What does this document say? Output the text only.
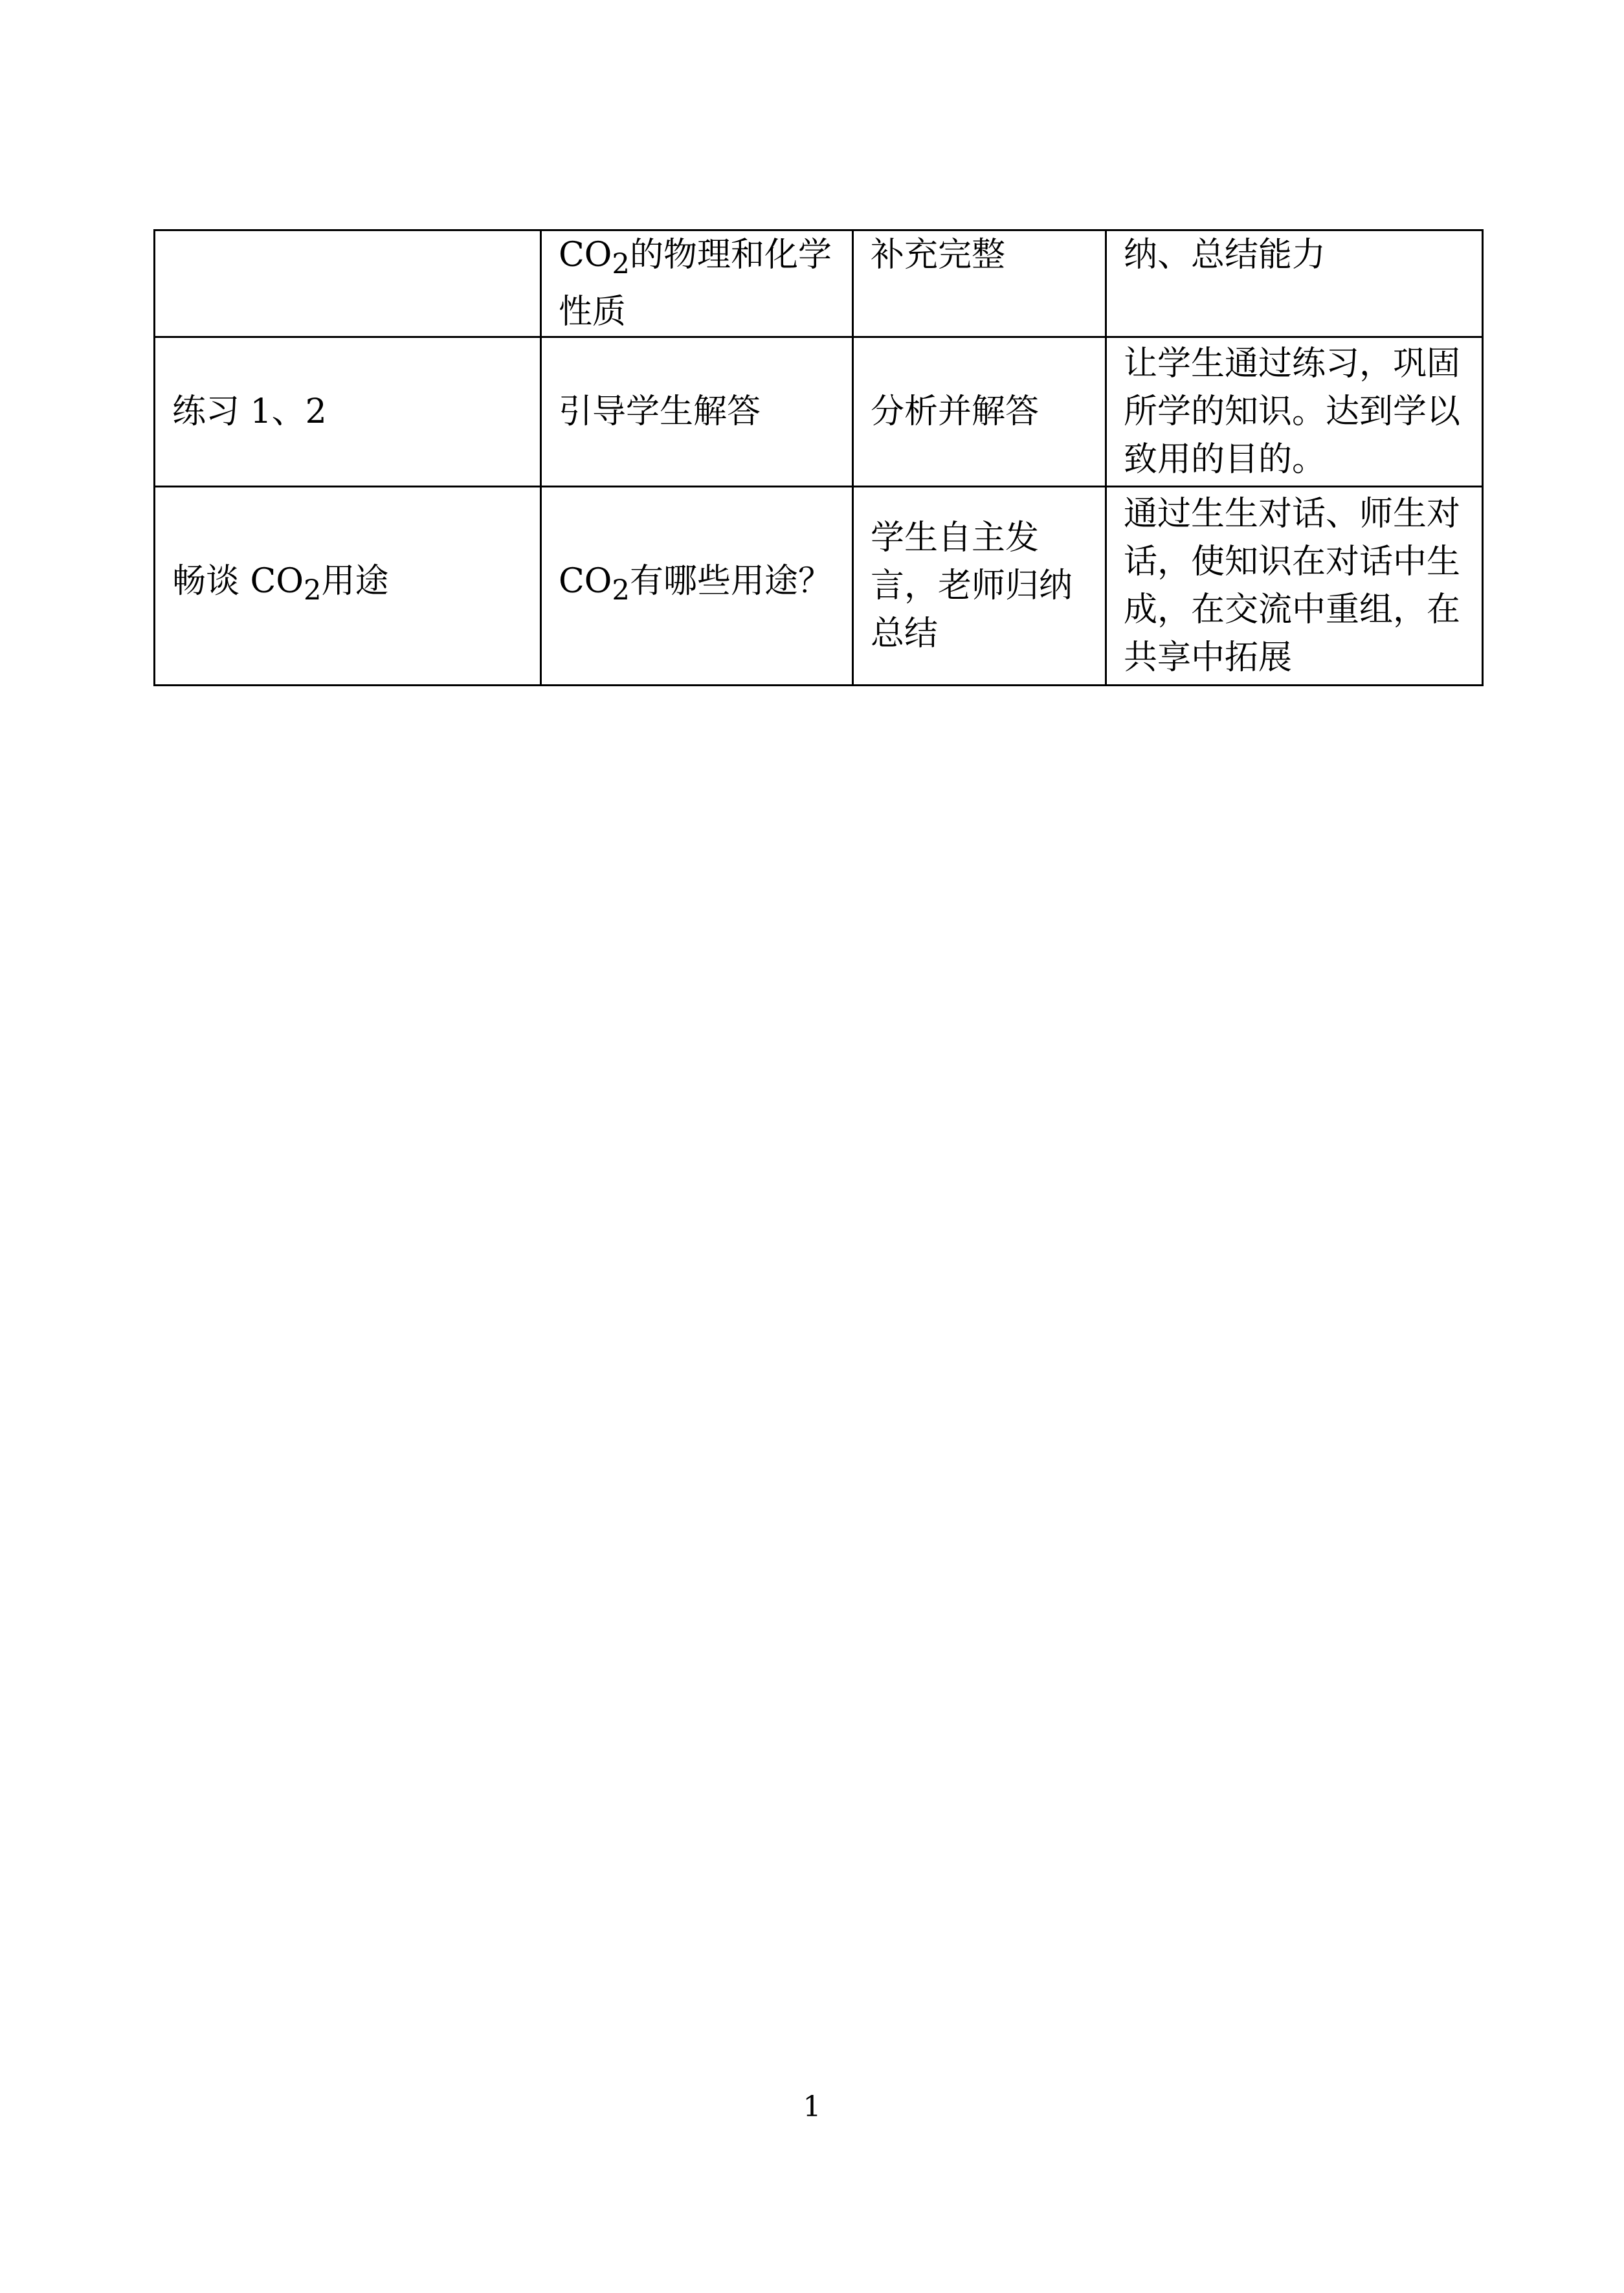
	$CO_2$的物理和化学性质	补充完整	纳、总结能力
练习 1、2	引导学生解答	分析并解答	让学生通过练习，巩固所学的知识。达到学以致用的目的。
畅谈 $CO_2$用途	$CO_2$有哪些用途？	学生自主发言，老师归纳总结	通过生生对话、师生对话，使知识在对话中生成，在交流中重组，在共享中拓展
1
